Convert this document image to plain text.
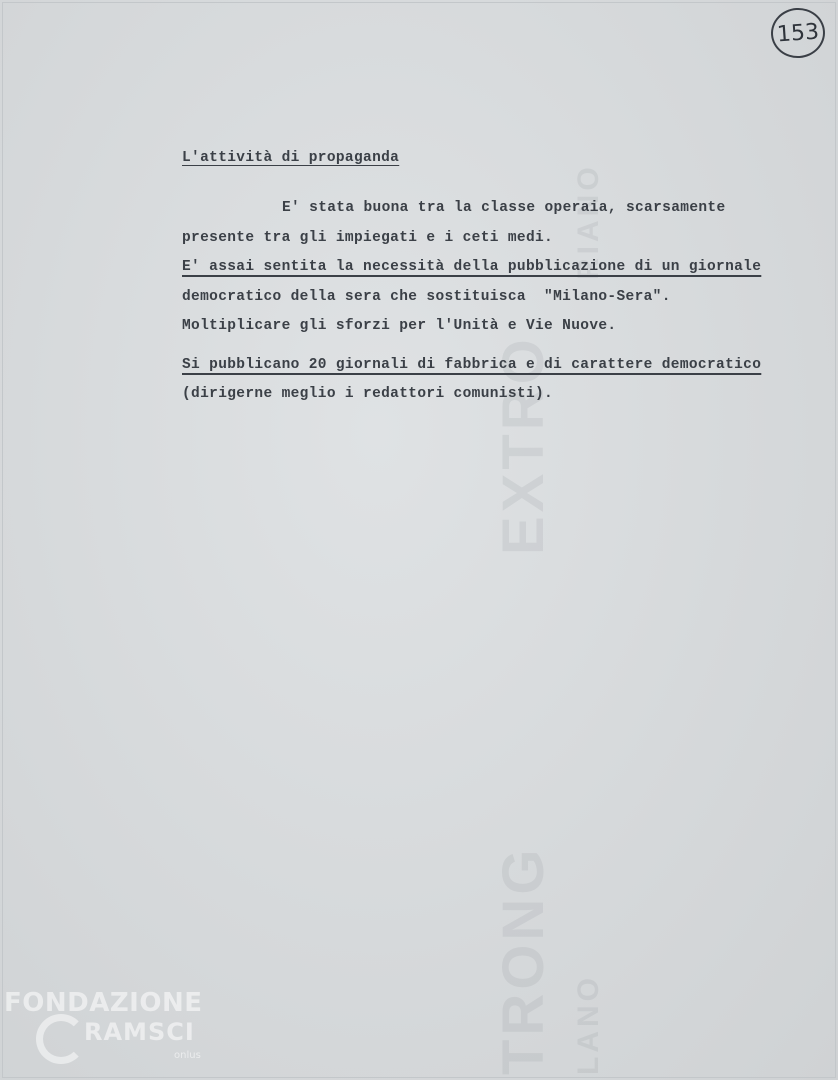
EXTRO
RIANO
TRONG LANO
153
L'attività di propaganda
E' stata buona tra la classe operaia, scarsamente
presente tra gli impiegati e i ceti medi.
E' assai sentita la necessità della pubblicazione di un giornale
democratico della sera che sostituisca  "Milano-Sera".
Moltiplicare gli sforzi per l'Unità e Vie Nuove.
Si pubblicano 20 giornali di fabbrica e di carattere democratico
(dirigerne meglio i redattori comunisti).
FONDAZIONE
RAMSCI
onlus
